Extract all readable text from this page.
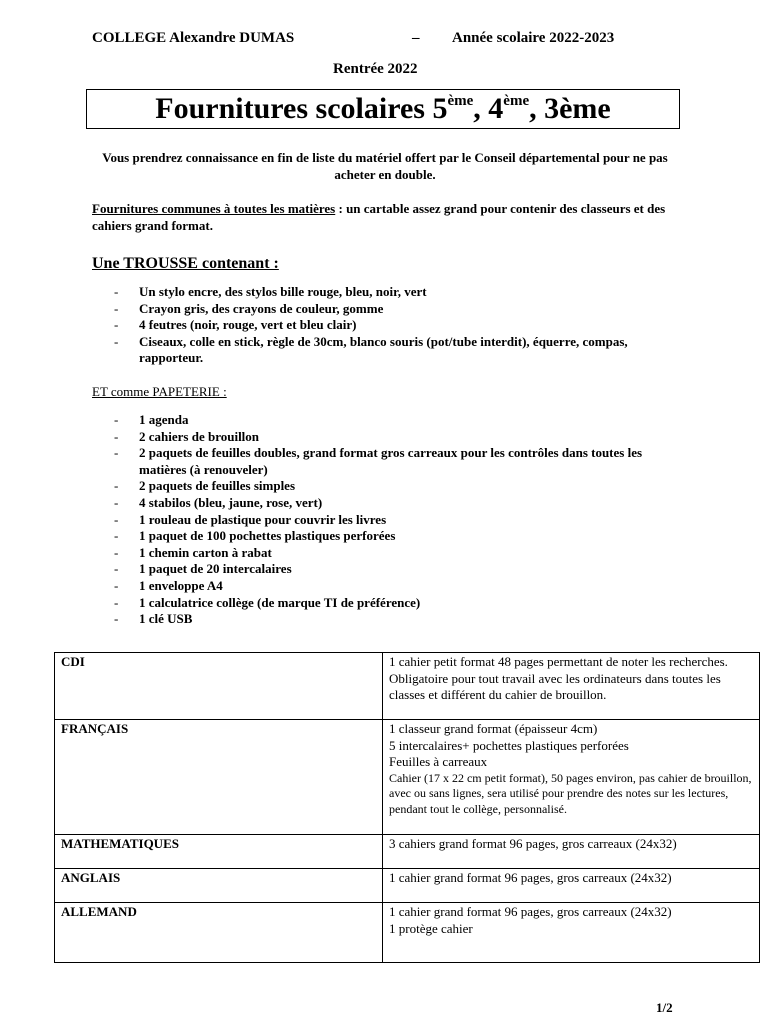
COLLEGE Alexandre DUMAS	– Année scolaire 2022-2023
Rentrée 2022
Fournitures scolaires 5ème, 4ème, 3ème
Vous prendrez connaissance en fin de liste du matériel offert par le Conseil départemental pour ne pas acheter en double.
Fournitures communes à toutes les matières : un cartable assez grand pour contenir des classeurs et des cahiers grand format.
Une TROUSSE contenant :
- Un stylo encre, des stylos bille rouge, bleu, noir, vert
- Crayon gris, des crayons de couleur, gomme
- 4 feutres (noir, rouge, vert et bleu clair)
- Ciseaux, colle en stick, règle de 30cm, blanco souris (pot/tube interdit), équerre, compas, rapporteur.
ET comme PAPETERIE :
- 1 agenda
- 2 cahiers de brouillon
- 2 paquets de feuilles doubles, grand format gros carreaux pour les contrôles dans toutes les matières (à renouveler)
- 2 paquets de feuilles simples
- 4 stabilos (bleu, jaune, rose, vert)
- 1 rouleau de plastique pour couvrir les livres
- 1 paquet de 100 pochettes plastiques perforées
- 1 chemin carton à rabat
- 1 paquet de 20 intercalaires
- 1 enveloppe A4
- 1 calculatrice collège (de marque TI de préférence)
- 1 clé USB
CDI	1 cahier petit format 48 pages permettant de noter les recherches. Obligatoire pour tout travail avec les ordinateurs dans toutes les classes et différent du cahier de brouillon.

FRANÇAIS	1 classeur grand format (épaisseur 4cm)
5 intercalaires+ pochettes plastiques perforées
Feuilles à carreaux
Cahier (17 x 22 cm petit format), 50 pages environ, pas cahier de brouillon, avec ou sans lignes, sera utilisé pour prendre des notes sur les lectures, pendant tout le collège, personnalisé.

MATHEMATIQUES	3 cahiers grand format 96 pages, gros carreaux (24x32)

ANGLAIS	1 cahier grand format 96 pages, gros carreaux (24x32)

ALLEMAND	1 cahier grand format 96 pages, gros carreaux (24x32)
1 protège cahier
1/2
